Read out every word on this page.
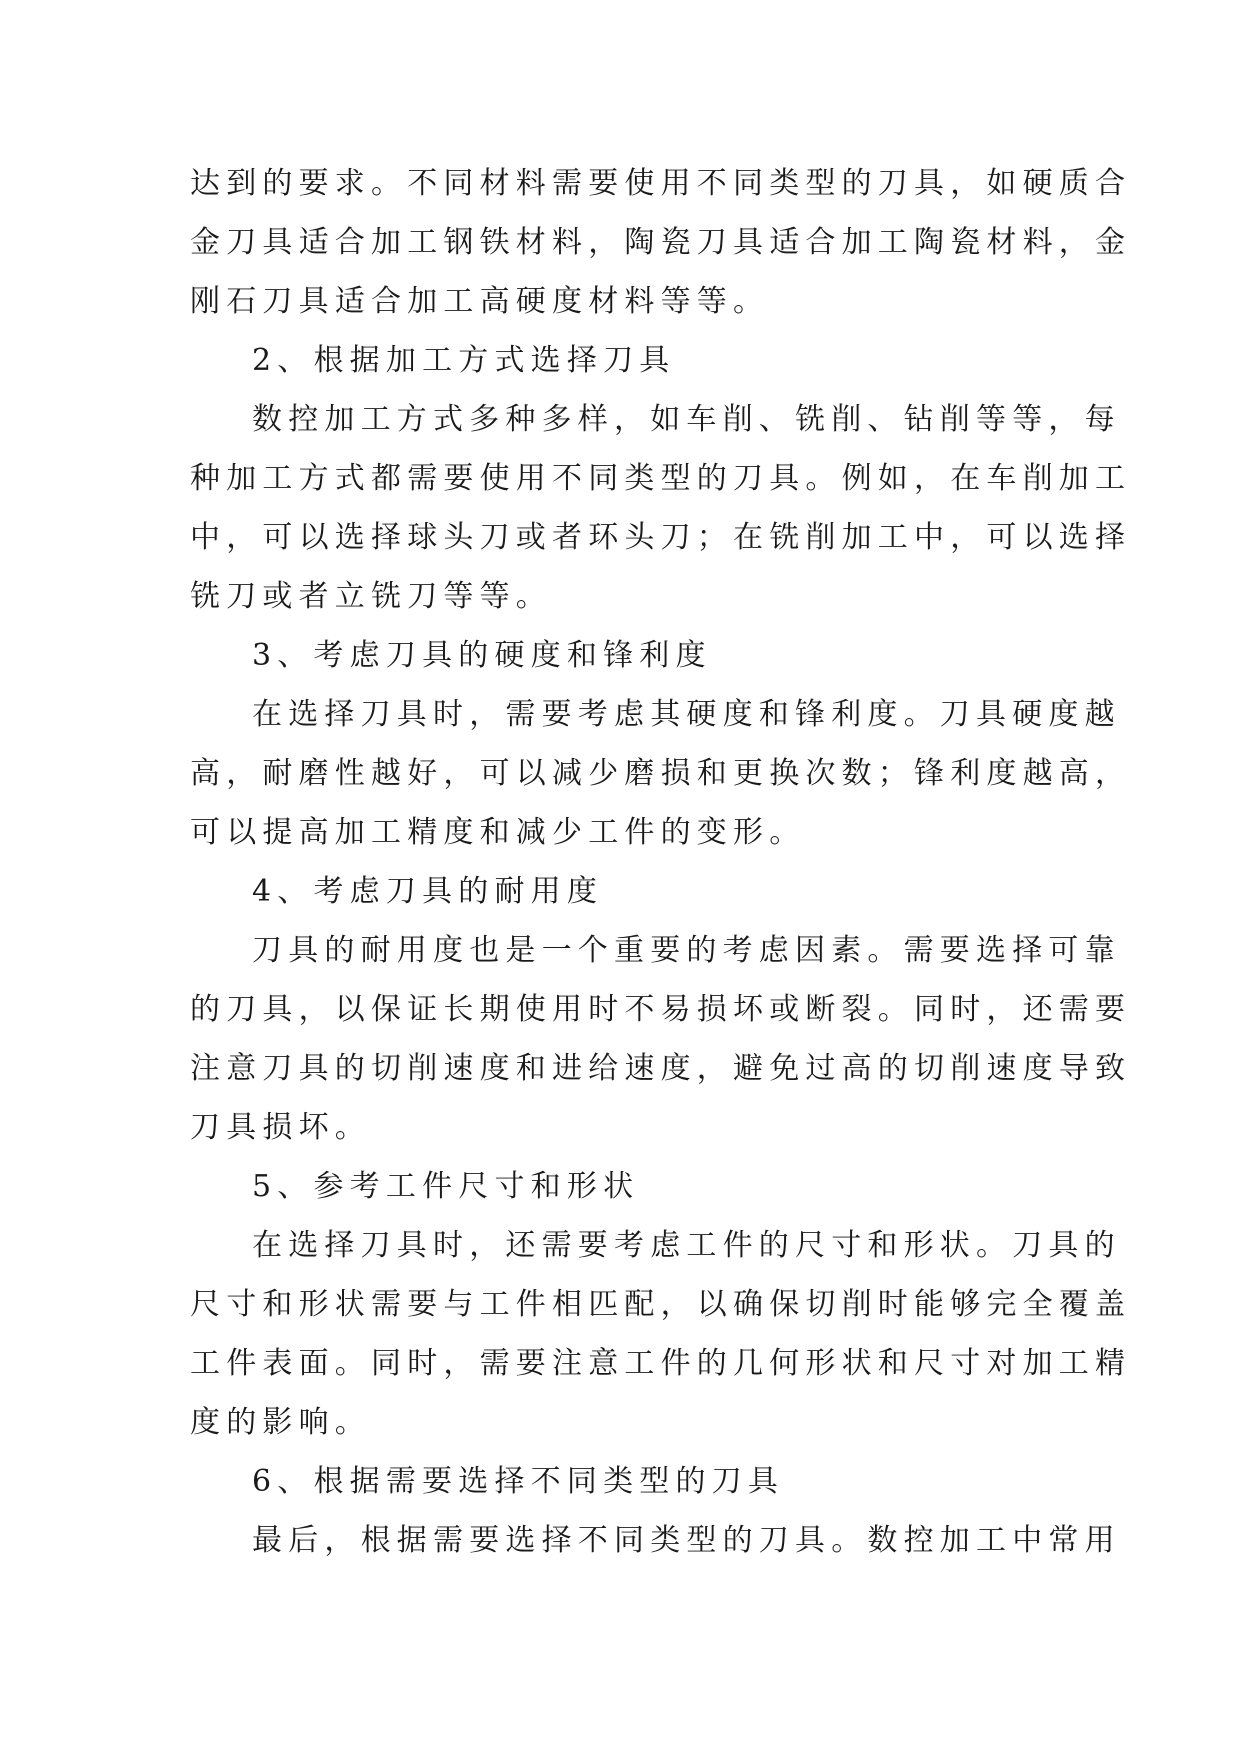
达到的要求。不同材料需要使用不同类型的刀具，如硬质合
金刀具适合加工钢铁材料，陶瓷刀具适合加工陶瓷材料，金
刚石刀具适合加工高硬度材料等等。
2、根据加工方式选择刀具
数控加工方式多种多样，如车削、铣削、钻削等等，每
种加工方式都需要使用不同类型的刀具。例如，在车削加工
中，可以选择球头刀或者环头刀；在铣削加工中，可以选择
铣刀或者立铣刀等等。
3、考虑刀具的硬度和锋利度
在选择刀具时，需要考虑其硬度和锋利度。刀具硬度越
高，耐磨性越好，可以减少磨损和更换次数；锋利度越高，
可以提高加工精度和减少工件的变形。
4、考虑刀具的耐用度
刀具的耐用度也是一个重要的考虑因素。需要选择可靠
的刀具，以保证长期使用时不易损坏或断裂。同时，还需要
注意刀具的切削速度和进给速度，避免过高的切削速度导致
刀具损坏。
5、参考工件尺寸和形状
在选择刀具时，还需要考虑工件的尺寸和形状。刀具的
尺寸和形状需要与工件相匹配，以确保切削时能够完全覆盖
工件表面。同时，需要注意工件的几何形状和尺寸对加工精
度的影响。
6、根据需要选择不同类型的刀具
最后，根据需要选择不同类型的刀具。数控加工中常用
